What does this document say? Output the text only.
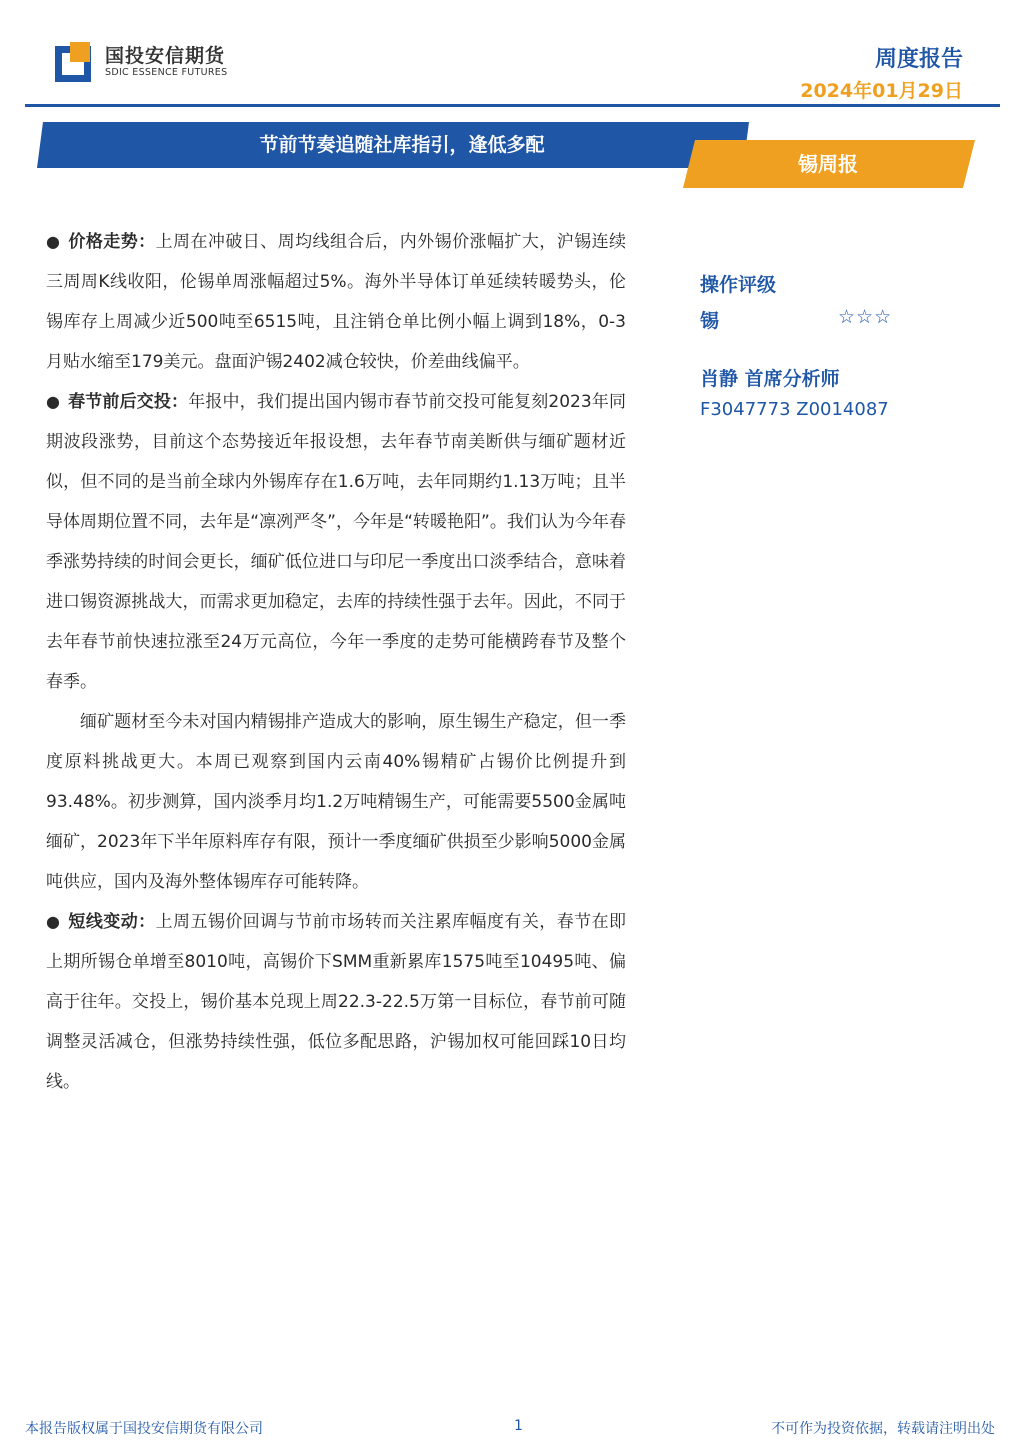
国投安信期货
SDIC ESSENCE FUTURES
周度报告
2024年01月29日
节前节奏追随社库指引，逢低多配
锡周报

● 价格走势：上周在冲破日、周均线组合后，内外锡价涨幅扩大，沪锡连续三周周K线收阳，伦锡单周涨幅超过5%。海外半导体订单延续转暖势头，伦锡库存上周减少近500吨至6515吨，且注销仓单比例小幅上调到18%，0-3月贴水缩至179美元。盘面沪锡2402减仓较快，价差曲线偏平。

● 春节前后交投：年报中，我们提出国内锡市春节前交投可能复刻2023年同期波段涨势，目前这个态势接近年报设想，去年春节南美断供与缅矿题材近似，但不同的是当前全球内外锡库存在1.6万吨，去年同期约1.13万吨；且半导体周期位置不同，去年是“凛冽严冬”，今年是“转暖艳阳”。我们认为今年春季涨势持续的时间会更长，缅矿低位进口与印尼一季度出口淡季结合，意味着进口锡资源挑战大，而需求更加稳定，去库的持续性强于去年。因此，不同于去年春节前快速拉涨至24万元高位，今年一季度的走势可能横跨春节及整个春季。

缅矿题材至今未对国内精锡排产造成大的影响，原生锡生产稳定，但一季度原料挑战更大。本周已观察到国内云南40%锡精矿占锡价比例提升到93.48%。初步测算，国内淡季月均1.2万吨精锡生产，可能需要5500金属吨缅矿，2023年下半年原料库存有限，预计一季度缅矿供损至少影响5000金属吨供应，国内及海外整体锡库存可能转降。

● 短线变动：上周五锡价回调与节前市场转而关注累库幅度有关，春节在即上期所锡仓单增至8010吨，高锡价下SMM重新累库1575吨至10495吨、偏高于往年。交投上，锡价基本兑现上周22.3-22.5万第一目标位，春节前可随调整灵活减仓，但涨势持续性强，低位多配思路，沪锡加权可能回踩10日均线。

操作评级
锡	☆☆☆
肖静 首席分析师
F3047773 Z0014087
本报告版权属于国投安信期货有限公司	1	不可作为投资依据，转载请注明出处
